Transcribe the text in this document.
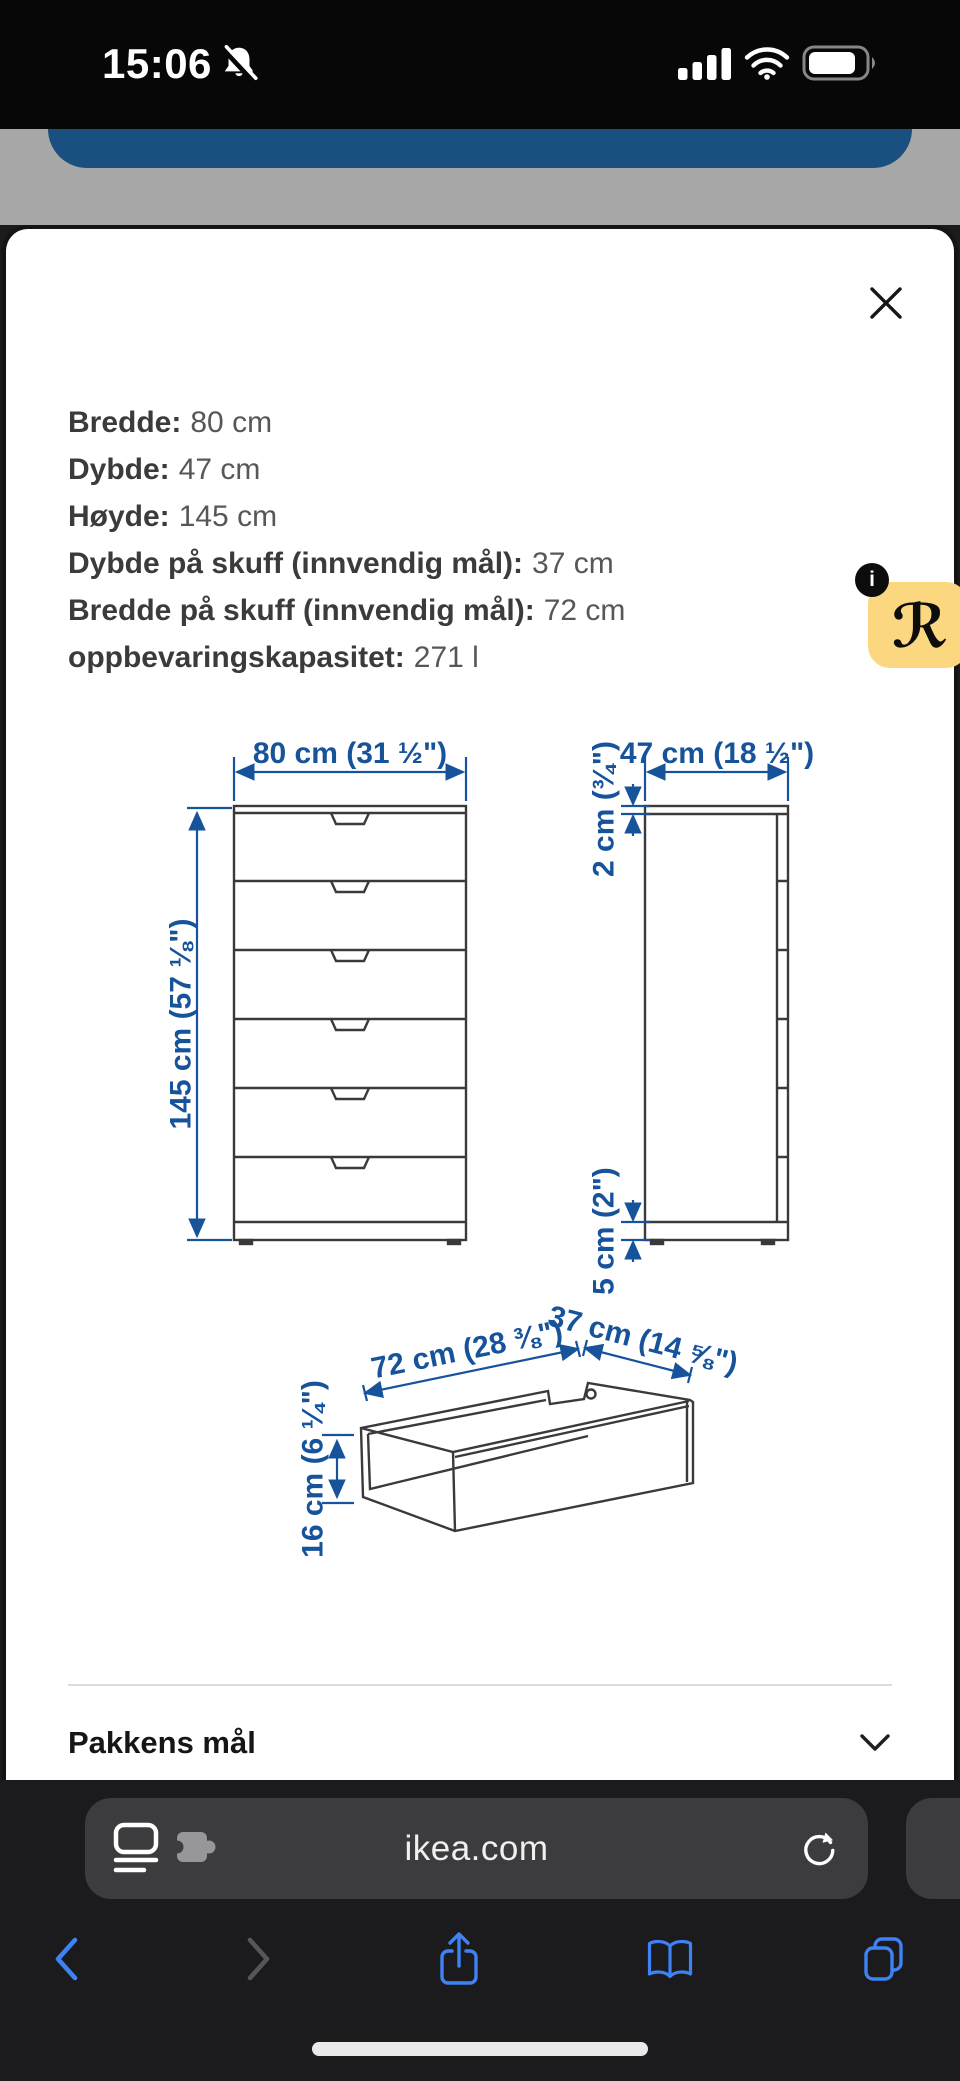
15:06
Bredde: 80 cm
Dybde: 47 cm
Høyde: 145 cm
Dybde på skuff (innvendig mål): 37 cm
Bredde på skuff (innvendig mål): 72 cm
oppbevaringskapasitet: 271 l
80 cm (31 ½")
145 cm (57 ⅛")
47 cm (18 ½")
2 cm (¾")
5 cm (2")
72 cm (28 ⅜")
37 cm (14 ⅝")
16 cm (6 ¼")
Pakkens mål
ℛ
i
ikea.com
